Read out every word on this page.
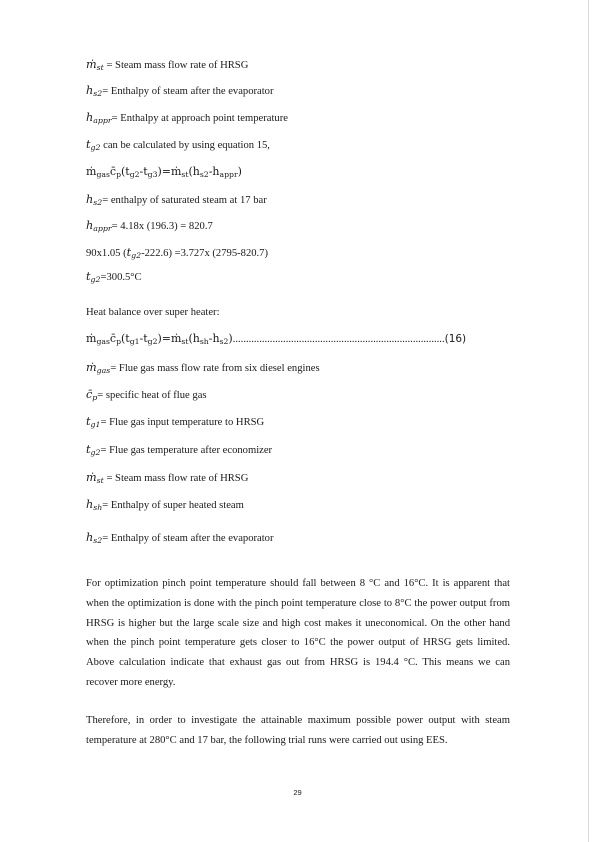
ṁ$_{st}$ = Steam mass flow rate of HRSG
$h_{s2}=$ Enthalpy of steam after the evaporator
$h_{appr}=$ Enthalpy at approach point temperature
$t_{g2}$ can be calculated by using equation 15,
$ṁ_{gas}c̄_p(t_{g2}-t_{g3})=ṁ_{st}(h_{s2}-h_{appr})$
$h_{s2}=$ enthalpy of saturated steam at 17 bar
$h_{appr}= 4.18x$ (196.3) = 820.7
90x1.05 $(t_{g2}-222.6) =3.727x$ (2795-820.7)
$t_{g2}=300.5^\circ C$
Heat balance over super heater:
$ṁ_{gas}c̄_p(t_{g1}-t_{g2})=ṁ_{st}(h_{sh}-h_{s2})................................................................................(16)$
ṁ$_{gas}$= Flue gas mass flow rate from six diesel engines
$c̄_p=$ specific heat of flue gas
$t_{g1}=$ Flue gas input temperature to HRSG
$t_{g2}=$ Flue gas temperature after economizer
ṁ$_{st}$ = Steam mass flow rate of HRSG
$h_{sh}=$ Enthalpy of super heated steam
$h_{s2}=$ Enthalpy of steam after the evaporator

For optimization pinch point temperature should fall between 8 °C and 16°C. It is apparent that when the optimization is done with the pinch point temperature close to 8°C the power output from HRSG is higher but the large scale size and high cost makes it uneconomical. On the other hand when the pinch point temperature gets closer to 16°C the power output of HRSG gets limited. Above calculation indicate that exhaust gas out from HRSG is 194.4 °C. This means we can recover more energy.

Therefore, in order to investigate the attainable maximum possible power output with steam temperature at 280°C and 17 bar, the following trial runs were carried out using EES.

29
